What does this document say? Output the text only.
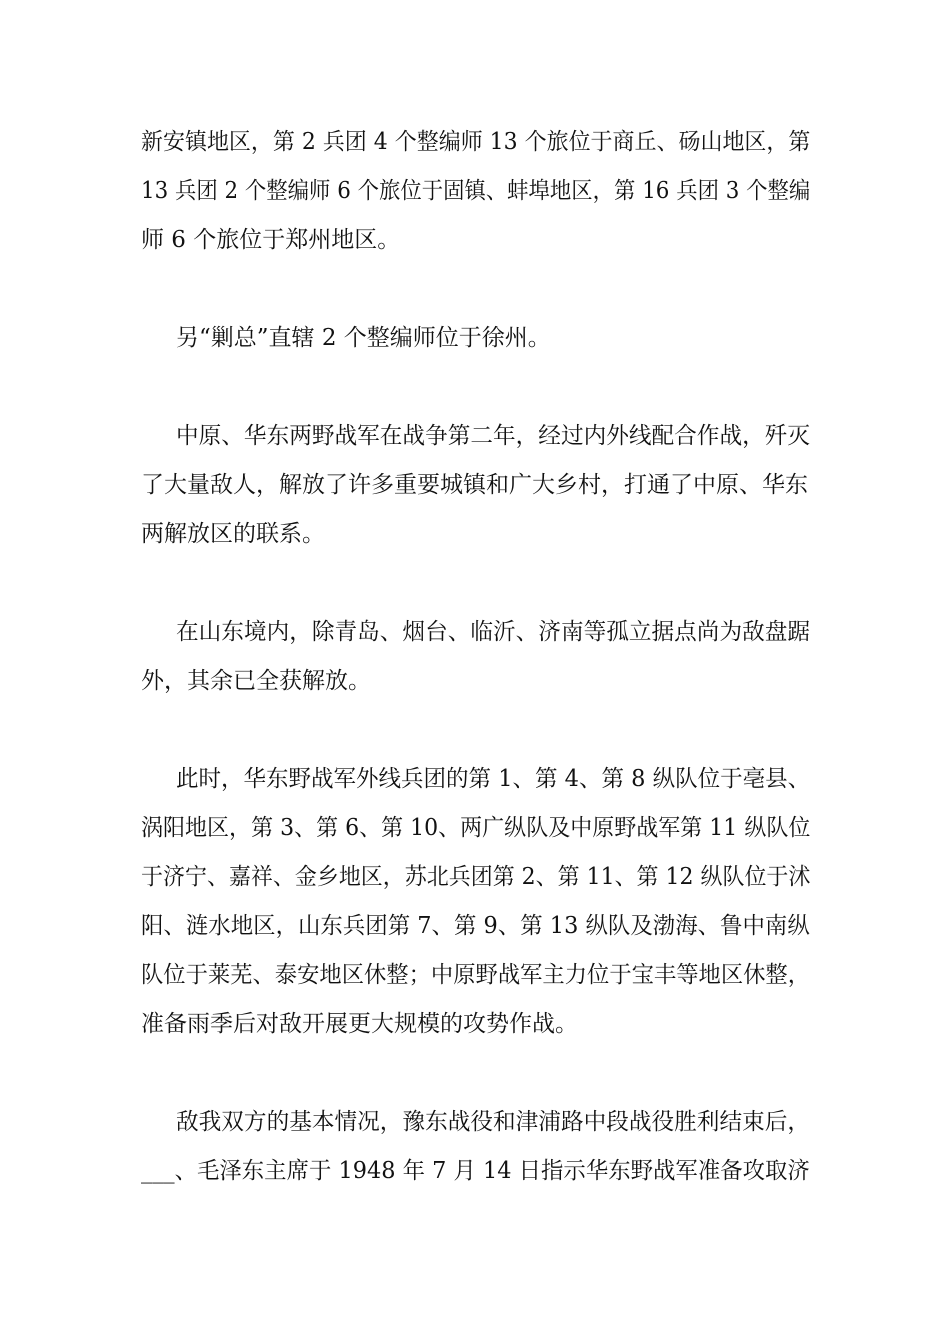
新安镇地区，第 2 兵团 4 个整编师 13 个旅位于商丘、砀山地区，第
13 兵团 2 个整编师 6 个旅位于固镇、蚌埠地区，第 16 兵团 3 个整编
师 6 个旅位于郑州地区。
另“剿总”直辖 2 个整编师位于徐州。
中原、华东两野战军在战争第二年，经过内外线配合作战，歼灭
了大量敌人，解放了许多重要城镇和广大乡村，打通了中原、华东
两解放区的联系。
在山东境内，除青岛、烟台、临沂、济南等孤立据点尚为敌盘踞
外，其余已全获解放。
此时，华东野战军外线兵团的第 1、第 4、第 8 纵队位于亳县、
涡阳地区，第 3、第 6、第 10、两广纵队及中原野战军第 11 纵队位
于济宁、嘉祥、金乡地区，苏北兵团第 2、第 11、第 12 纵队位于沭
阳、涟水地区，山东兵团第 7、第 9、第 13 纵队及渤海、鲁中南纵
队位于莱芜、泰安地区休整；中原野战军主力位于宝丰等地区休整，
准备雨季后对敌开展更大规模的攻势作战。
敌我双方的基本情况，豫东战役和津浦路中段战役胜利结束后，
___、毛泽东主席于 1948 年 7 月 14 日指示华东野战军准备攻取济
